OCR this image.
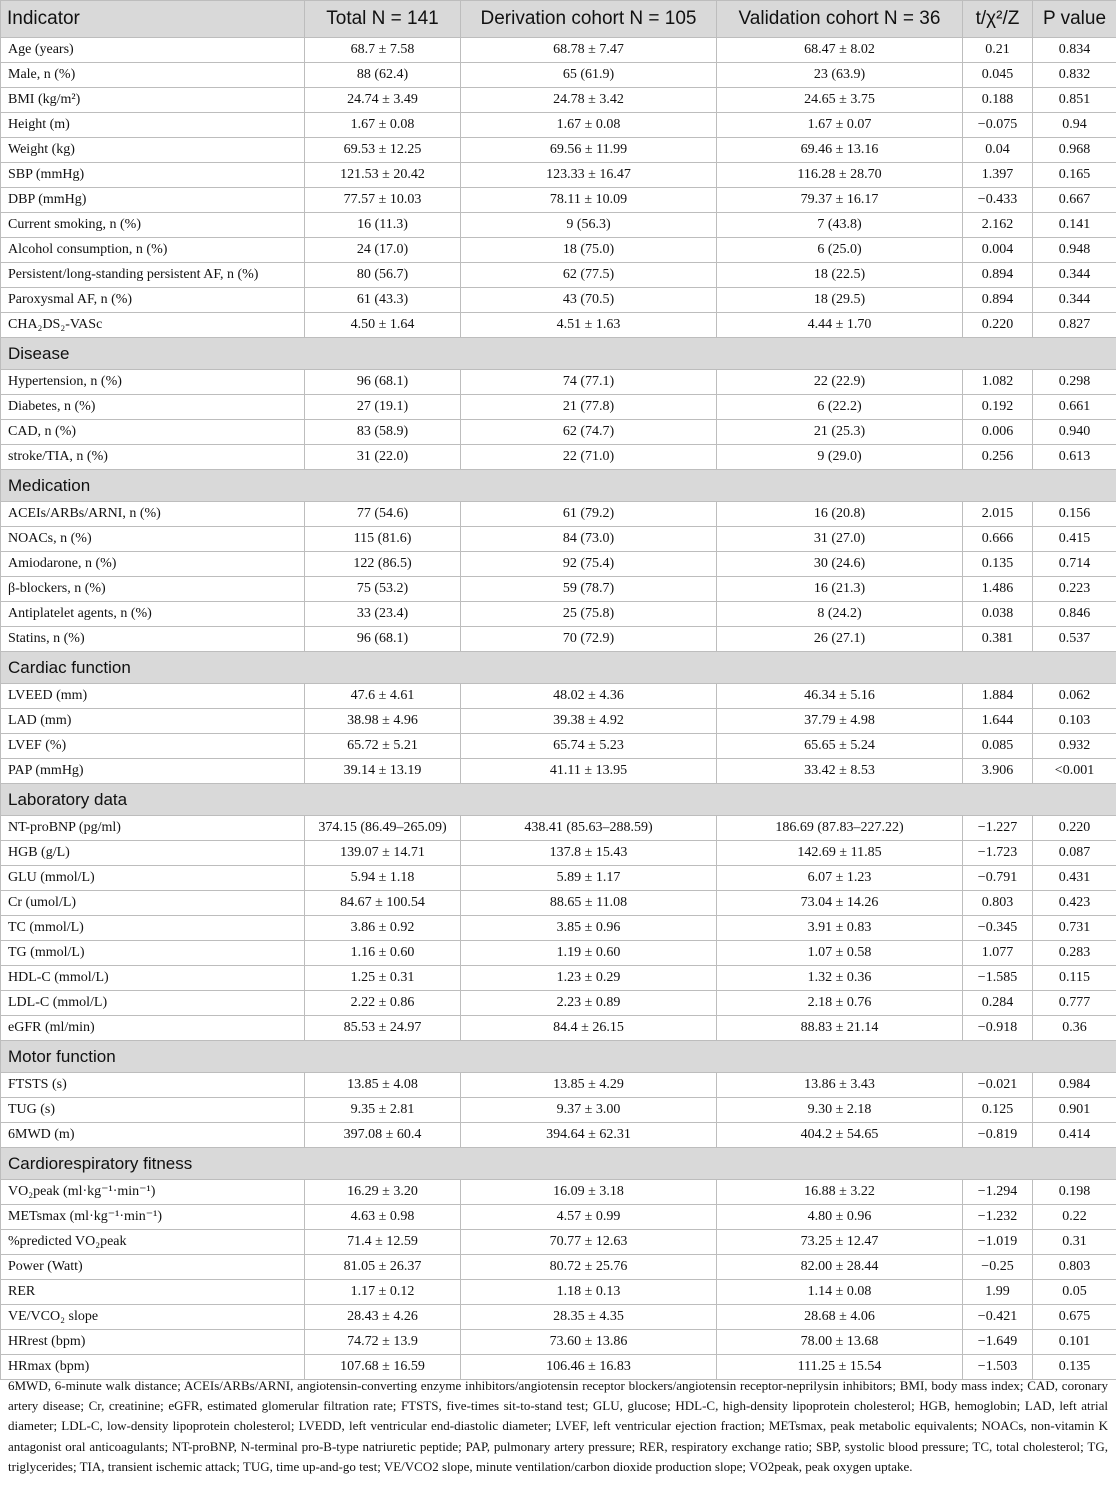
Indicator	Total N = 141	Derivation cohort N = 105	Validation cohort N = 36	t/χ²/Z	P value
Age (years)	68.7 ± 7.58	68.78 ± 7.47	68.47 ± 8.02	0.21	0.834
Male, n (%)	88 (62.4)	65 (61.9)	23 (63.9)	0.045	0.832
BMI (kg/m²)	24.74 ± 3.49	24.78 ± 3.42	24.65 ± 3.75	0.188	0.851
Height (m)	1.67 ± 0.08	1.67 ± 0.08	1.67 ± 0.07	−0.075	0.94
Weight (kg)	69.53 ± 12.25	69.56 ± 11.99	69.46 ± 13.16	0.04	0.968
SBP (mmHg)	121.53 ± 20.42	123.33 ± 16.47	116.28 ± 28.70	1.397	0.165
DBP (mmHg)	77.57 ± 10.03	78.11 ± 10.09	79.37 ± 16.17	−0.433	0.667
Current smoking, n (%)	16 (11.3)	9 (56.3)	7 (43.8)	2.162	0.141
Alcohol consumption, n (%)	24 (17.0)	18 (75.0)	6 (25.0)	0.004	0.948
Persistent/long-standing persistent AF, n (%)	80 (56.7)	62 (77.5)	18 (22.5)	0.894	0.344
Paroxysmal AF, n (%)	61 (43.3)	43 (70.5)	18 (29.5)	0.894	0.344
CHA₂DS₂-VASc	4.50 ± 1.64	4.51 ± 1.63	4.44 ± 1.70	0.220	0.827
Disease					
Hypertension, n (%)	96 (68.1)	74 (77.1)	22 (22.9)	1.082	0.298
Diabetes, n (%)	27 (19.1)	21 (77.8)	6 (22.2)	0.192	0.661
CAD, n (%)	83 (58.9)	62 (74.7)	21 (25.3)	0.006	0.940
stroke/TIA, n (%)	31 (22.0)	22 (71.0)	9 (29.0)	0.256	0.613
Medication					
ACEIs/ARBs/ARNI, n (%)	77 (54.6)	61 (79.2)	16 (20.8)	2.015	0.156
NOACs, n (%)	115 (81.6)	84 (73.0)	31 (27.0)	0.666	0.415
Amiodarone, n (%)	122 (86.5)	92 (75.4)	30 (24.6)	0.135	0.714
β-blockers, n (%)	75 (53.2)	59 (78.7)	16 (21.3)	1.486	0.223
Antiplatelet agents, n (%)	33 (23.4)	25 (75.8)	8 (24.2)	0.038	0.846
Statins, n (%)	96 (68.1)	70 (72.9)	26 (27.1)	0.381	0.537
Cardiac function					
LVEED (mm)	47.6 ± 4.61	48.02 ± 4.36	46.34 ± 5.16	1.884	0.062
LAD (mm)	38.98 ± 4.96	39.38 ± 4.92	37.79 ± 4.98	1.644	0.103
LVEF (%)	65.72 ± 5.21	65.74 ± 5.23	65.65 ± 5.24	0.085	0.932
PAP (mmHg)	39.14 ± 13.19	41.11 ± 13.95	33.42 ± 8.53	3.906	<0.001
Laboratory data					
NT-proBNP (pg/ml)	374.15 (86.49–265.09)	438.41 (85.63–288.59)	186.69 (87.83–227.22)	−1.227	0.220
HGB (g/L)	139.07 ± 14.71	137.8 ± 15.43	142.69 ± 11.85	−1.723	0.087
GLU (mmol/L)	5.94 ± 1.18	5.89 ± 1.17	6.07 ± 1.23	−0.791	0.431
Cr (umol/L)	84.67 ± 100.54	88.65 ± 11.08	73.04 ± 14.26	0.803	0.423
TC (mmol/L)	3.86 ± 0.92	3.85 ± 0.96	3.91 ± 0.83	−0.345	0.731
TG (mmol/L)	1.16 ± 0.60	1.19 ± 0.60	1.07 ± 0.58	1.077	0.283
HDL-C (mmol/L)	1.25 ± 0.31	1.23 ± 0.29	1.32 ± 0.36	−1.585	0.115
LDL-C (mmol/L)	2.22 ± 0.86	2.23 ± 0.89	2.18 ± 0.76	0.284	0.777
eGFR (ml/min)	85.53 ± 24.97	84.4 ± 26.15	88.83 ± 21.14	−0.918	0.36
Motor function					
FTSTS (s)	13.85 ± 4.08	13.85 ± 4.29	13.86 ± 3.43	−0.021	0.984
TUG (s)	9.35 ± 2.81	9.37 ± 3.00	9.30 ± 2.18	0.125	0.901
6MWD (m)	397.08 ± 60.4	394.64 ± 62.31	404.2 ± 54.65	−0.819	0.414
Cardiorespiratory fitness					
VO₂peak (ml·kg⁻¹·min⁻¹)	16.29 ± 3.20	16.09 ± 3.18	16.88 ± 3.22	−1.294	0.198
METsmax (ml·kg⁻¹·min⁻¹)	4.63 ± 0.98	4.57 ± 0.99	4.80 ± 0.96	−1.232	0.22
%predicted VO₂peak	71.4 ± 12.59	70.77 ± 12.63	73.25 ± 12.47	−1.019	0.31
Power (Watt)	81.05 ± 26.37	80.72 ± 25.76	82.00 ± 28.44	−0.25	0.803
RER	1.17 ± 0.12	1.18 ± 0.13	1.14 ± 0.08	1.99	0.05
VE/VCO₂ slope	28.43 ± 4.26	28.35 ± 4.35	28.68 ± 4.06	−0.421	0.675
HRrest (bpm)	74.72 ± 13.9	73.60 ± 13.86	78.00 ± 13.68	−1.649	0.101
HRmax (bpm)	107.68 ± 16.59	106.46 ± 16.83	111.25 ± 15.54	−1.503	0.135
6MWD, 6-minute walk distance; ACEIs/ARBs/ARNI, angiotensin-converting enzyme inhibitors/angiotensin receptor blockers/angiotensin receptor-neprilysin inhibitors; BMI, body mass index; CAD, coronary artery disease; Cr, creatinine; eGFR, estimated glomerular filtration rate; FTSTS, five-times sit-to-stand test; GLU, glucose; HDL-C, high-density lipoprotein cholesterol; HGB, hemoglobin; LAD, left atrial diameter; LDL-C, low-density lipoprotein cholesterol; LVEDD, left ventricular end-diastolic diameter; LVEF, left ventricular ejection fraction; METsmax, peak metabolic equivalents; NOACs, non-vitamin K antagonist oral anticoagulants; NT-proBNP, N-terminal pro-B-type natriuretic peptide; PAP, pulmonary artery pressure; RER, respiratory exchange ratio; SBP, systolic blood pressure; TC, total cholesterol; TG, triglycerides; TIA, transient ischemic attack; TUG, time up-and-go test; VE/VCO2 slope, minute ventilation/carbon dioxide production slope; VO2peak, peak oxygen uptake.
